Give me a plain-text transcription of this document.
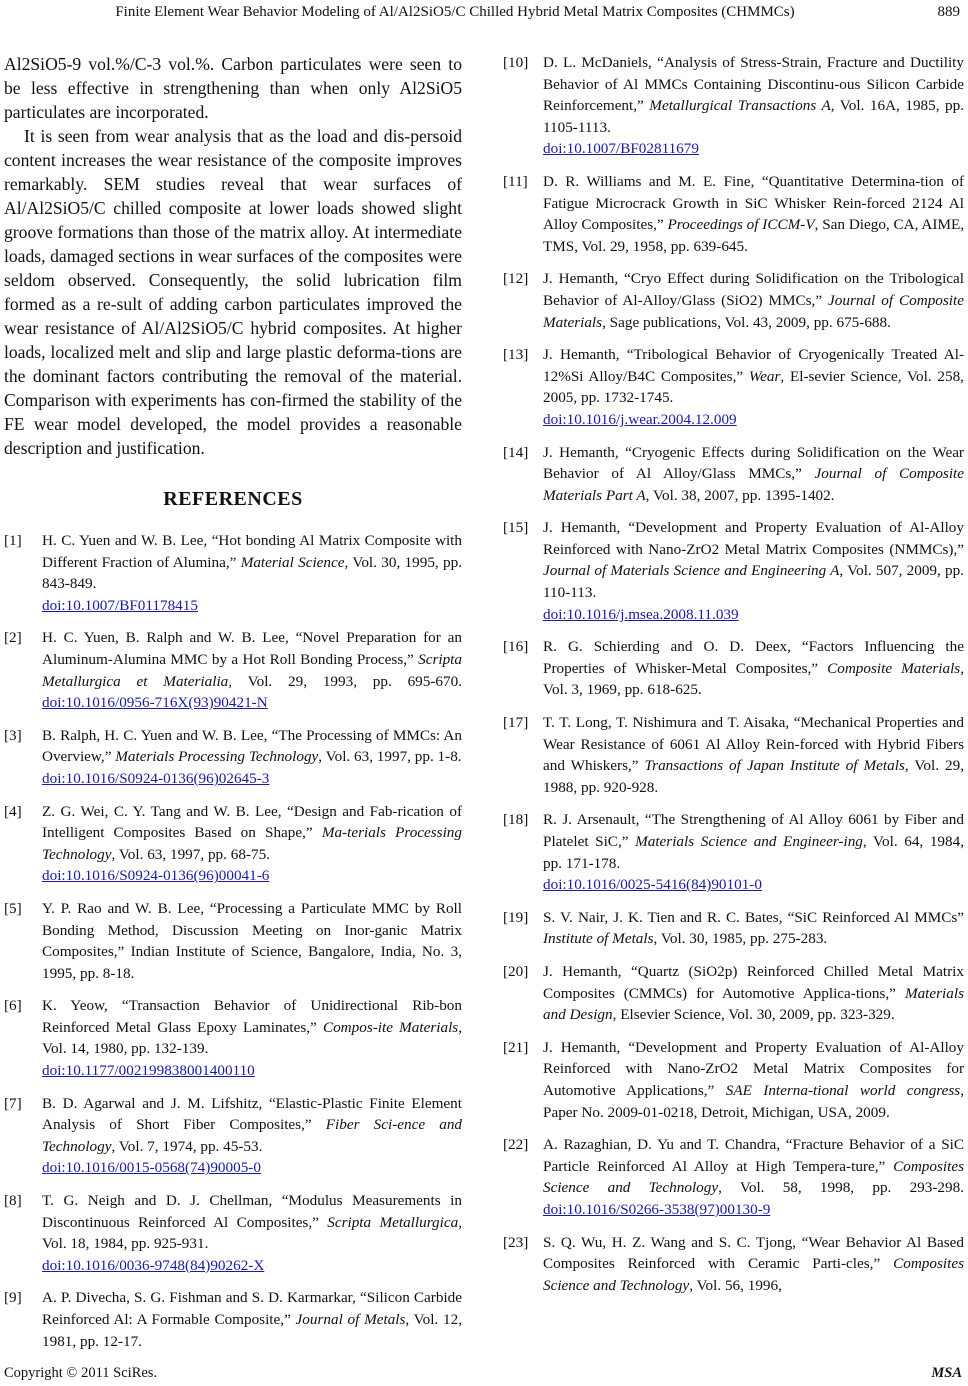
Finite Element Wear Behavior Modeling of Al/Al2SiO5/C Chilled Hybrid Metal Matrix Composites (CHMMCs)	889

Al2SiO5-9 vol.%/C-3 vol.%. Carbon particulates were seen to be less effective in strengthening than when only Al2SiO5 particulates are incorporated.

It is seen from wear analysis that as the load and dis-persoid content increases the wear resistance of the composite improves remarkably. SEM studies reveal that wear surfaces of Al/Al2SiO5/C chilled composite at lower loads showed slight groove formations than those of the matrix alloy. At intermediate loads, damaged sections in wear surfaces of the composites were seldom observed. Consequently, the solid lubrication film formed as a re-sult of adding carbon particulates improved the wear resistance of Al/Al2SiO5/C hybrid composites. At higher loads, localized melt and slip and large plastic deforma-tions are the dominant factors contributing the removal of the material. Comparison with experiments has con-firmed the stability of the FE wear model developed, the model provides a reasonable description and justification.

REFERENCES
[1]	H. C. Yuen and W. B. Lee, “Hot bonding Al Matrix Composite with Different Fraction of Alumina,” Material Science, Vol. 30, 1995, pp. 843-849.
doi:10.1007/BF01178415
[2]	H. C. Yuen, B. Ralph and W. B. Lee, “Novel Preparation for an Aluminum-Alumina MMC by a Hot Roll Bonding Process,” Scripta Metallurgica et Materialia, Vol. 29, 1993, pp. 695-670. doi:10.1016/0956-716X(93)90421-N
[3]	B. Ralph, H. C. Yuen and W. B. Lee, “The Processing of MMCs: An Overview,” Materials Processing Technology, Vol. 63, 1997, pp. 1-8.
doi:10.1016/S0924-0136(96)02645-3
[4]	Z. G. Wei, C. Y. Tang and W. B. Lee, “Design and Fab-rication of Intelligent Composites Based on Shape,” Ma-terials Processing Technology, Vol. 63, 1997, pp. 68-75.
doi:10.1016/S0924-0136(96)00041-6
[5]	Y. P. Rao and W. B. Lee, “Processing a Particulate MMC by Roll Bonding Method, Discussion Meeting on Inor-ganic Matrix Composites,” Indian Institute of Science, Bangalore, India, No. 3, 1995, pp. 8-18.
[6]	K. Yeow, “Transaction Behavior of Unidirectional Rib-bon Reinforced Metal Glass Epoxy Laminates,” Compos-ite Materials, Vol. 14, 1980, pp. 132-139.
doi:10.1177/002199838001400110
[7]	B. D. Agarwal and J. M. Lifshitz, “Elastic-Plastic Finite Element Analysis of Short Fiber Composites,” Fiber Sci-ence and Technology, Vol. 7, 1974, pp. 45-53.
doi:10.1016/0015-0568(74)90005-0
[8]	T. G. Neigh and D. J. Chellman, “Modulus Measurements in Discontinuous Reinforced Al Composites,” Scripta Metallurgica, Vol. 18, 1984, pp. 925-931.
doi:10.1016/0036-9748(84)90262-X
[9]	A. P. Divecha, S. G. Fishman and S. D. Karmarkar, “Silicon Carbide Reinforced Al: A Formable Composite,” Journal of Metals, Vol. 12, 1981, pp. 12-17.
[10] D. L. McDaniels, “Analysis of Stress-Strain, Fracture and Ductility Behavior of Al MMCs Containing Discontinu-ous Silicon Carbide Reinforcement,” Metallurgical Transactions A, Vol. 16A, 1985, pp. 1105-1113.
doi:10.1007/BF02811679
[11]	D. R. Williams and M. E. Fine, “Quantitative Determina-tion of Fatigue Microcrack Growth in SiC Whisker Rein-forced 2124 Al Alloy Composites,” Proceedings of ICCM-V, San Diego, CA, AIME, TMS, Vol. 29, 1958, pp. 639-645.
[12] J. Hemanth, “Cryo Effect during Solidification on the Tribological Behavior of Al-Alloy/Glass (SiO2) MMCs,” Journal of Composite Materials, Sage publications, Vol. 43, 2009, pp. 675-688.
[13] J. Hemanth, “Tribological Behavior of Cryogenically Treated Al-12%Si Alloy/B4C Composites,” Wear, El-sevier Science, Vol. 258, 2005, pp. 1732-1745.
doi:10.1016/j.wear.2004.12.009
[14] J. Hemanth, “Cryogenic Effects during Solidification on the Wear Behavior of Al Alloy/Glass MMCs,” Journal of Composite Materials Part A, Vol. 38, 2007, pp. 1395-1402.
[15] J. Hemanth, “Development and Property Evaluation of Al-Alloy Reinforced with Nano-ZrO2 Metal Matrix Composites (NMMCs),” Journal of Materials Science and Engineering A, Vol. 507, 2009, pp. 110-113.
doi:10.1016/j.msea.2008.11.039
[16] R. G. Schierding and O. D. Deex, “Factors Influencing the Properties of Whisker-Metal Composites,” Composite Materials, Vol. 3, 1969, pp. 618-625.
[17] T. T. Long, T. Nishimura and T. Aisaka, “Mechanical Properties and Wear Resistance of 6061 Al Alloy Rein-forced with Hybrid Fibers and Whiskers,” Transactions of Japan Institute of Metals, Vol. 29, 1988, pp. 920-928.
[18] R. J. Arsenault, “The Strengthening of Al Alloy 6061 by Fiber and Platelet SiC,” Materials Science and Engineer-ing, Vol. 64, 1984, pp. 171-178.
doi:10.1016/0025-5416(84)90101-0
[19] S. V. Nair, J. K. Tien and R. C. Bates, “SiC Reinforced Al MMCs” Institute of Metals, Vol. 30, 1985, pp. 275-283.
[20] J. Hemanth, “Quartz (SiO2p) Reinforced Chilled Metal Matrix Composites (CMMCs) for Automotive Applica-tions,” Materials and Design, Elsevier Science, Vol. 30, 2009, pp. 323-329.
[21] J. Hemanth, “Development and Property Evaluation of Al-Alloy Reinforced with Nano-ZrO2 Metal Matrix Composites for Automotive Applications,” SAE Interna-tional world congress, Paper No. 2009-01-0218, Detroit, Michigan, USA, 2009.
[22] A. Razaghian, D. Yu and T. Chandra, “Fracture Behavior of a SiC Particle Reinforced Al Alloy at High Tempera-ture,” Composites Science and Technology, Vol. 58, 1998, pp. 293-298. doi:10.1016/S0266-3538(97)00130-9
[23] S. Q. Wu, H. Z. Wang and S. C. Tjong, “Wear Behavior Al Based Composites Reinforced with Ceramic Parti-cles,” Composites Science and Technology, Vol. 56, 1996,
Copyright © 2011 SciRes.	MSA
